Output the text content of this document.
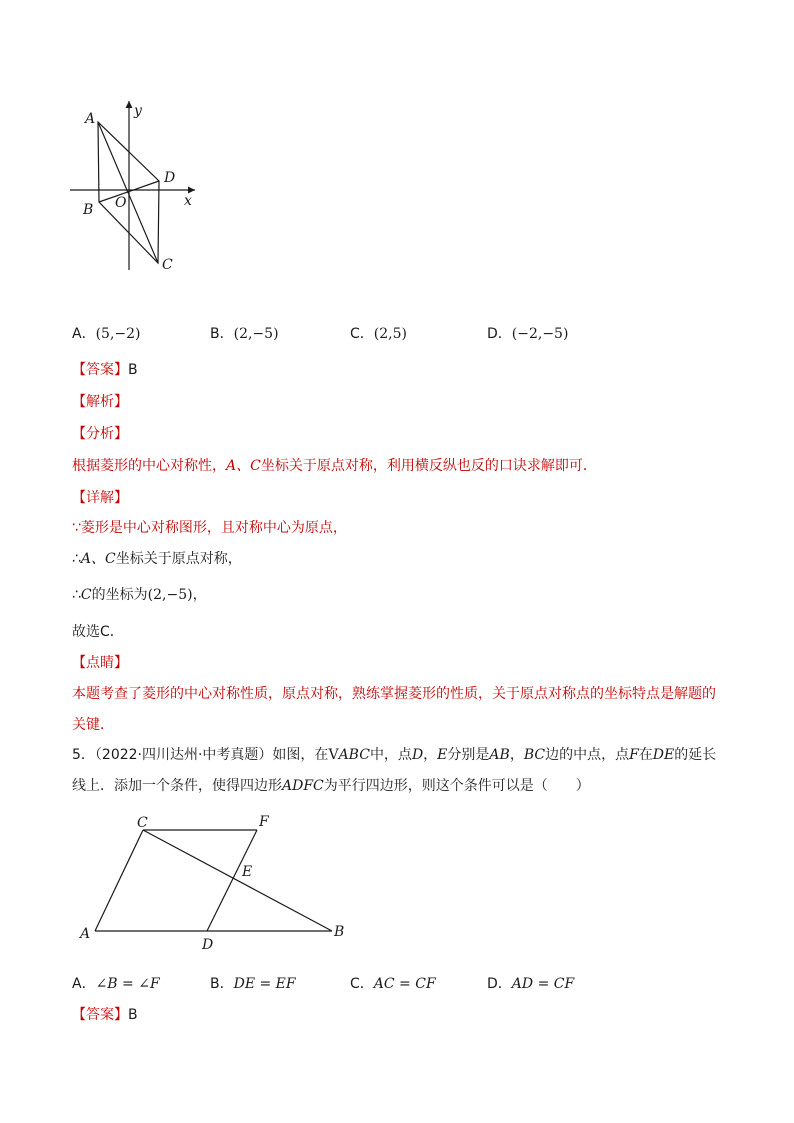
A
B
C
D
O	x
y
A．(5,−2)	B．(2,−5)	C．(2,5)	D．(−2,−5)
【答案】B
【解析】
【分析】
根据菱形的中心对称性，A、C坐标关于原点对称，利用横反纵也反的口诀求解即可．
【详解】
∵菱形是中心对称图形，且对称中心为原点，
∴A、C坐标关于原点对称，
∴C的坐标为(2,−5)，
故选C．
【点睛】
本题考查了菱形的中心对称性质，原点对称，熟练掌握菱形的性质，关于原点对称点的坐标特点是解题的
关键．
5．（2022·四川达州·中考真题）如图，在VABC中，点D，E分别是AB，BC边的中点，点F在DE的延长
线上．添加一个条件，使得四边形ADFC为平行四边形，则这个条件可以是（　　）
A	B
C
D
E
F
A．∠B = ∠F	B．DE = EF	C．AC = CF	D．AD = CF
【答案】B
